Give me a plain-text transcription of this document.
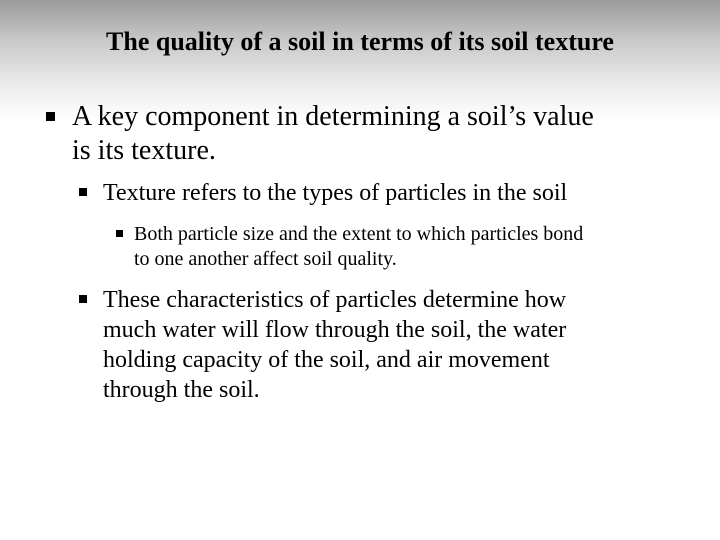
The quality of a soil in terms of its soil texture
A key component in determining a soil’s value
is its texture.
Texture refers to the types of particles in the soil
Both particle size and the extent to which particles bond
to one another affect soil quality.
These characteristics of particles determine how
much water will flow through the soil, the water
holding capacity of the soil, and air movement
through the soil.
